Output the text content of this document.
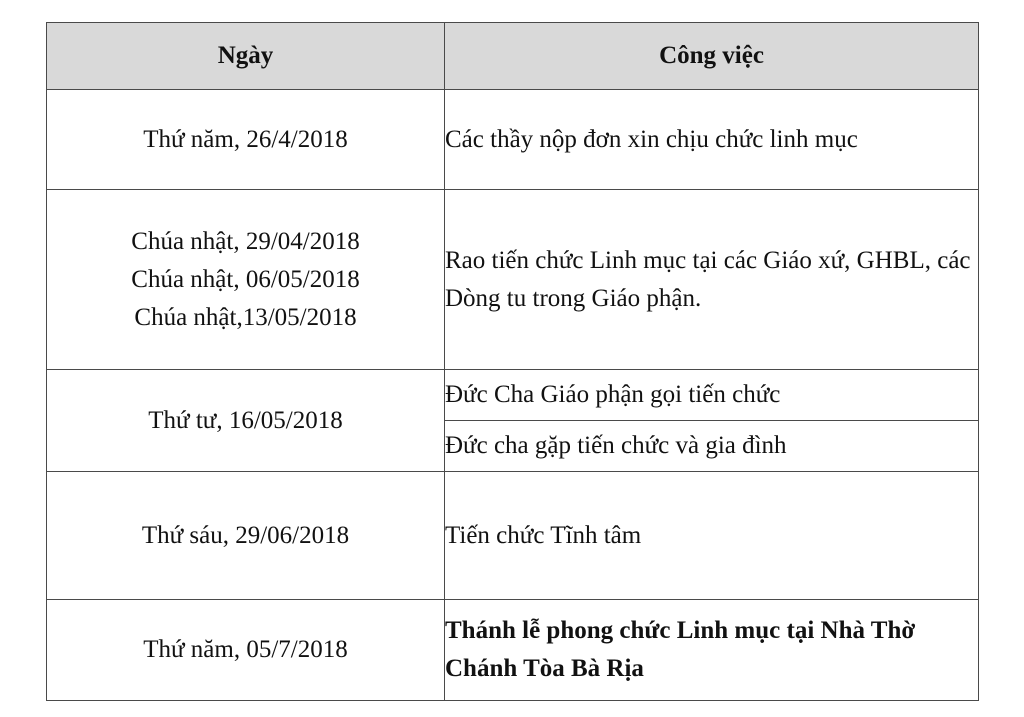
Ngày	Công việc

Thứ năm, 26/4/2018	Các thầy nộp đơn xin chịu chức linh mục

Chúa nhật, 29/04/2018
Chúa nhật, 06/05/2018
Chúa nhật,13/05/2018	Rao tiến chức Linh mục tại các Giáo xứ, GHBL, các Dòng tu trong Giáo phận.

Thứ tư, 16/05/2018	Đức Cha Giáo phận gọi tiến chức
	Đức cha gặp tiến chức và gia đình

Thứ sáu, 29/06/2018	Tiến chức Tĩnh tâm

Thứ năm, 05/7/2018	Thánh lễ phong chức Linh mục tại Nhà Thờ Chánh Tòa Bà Rịa
